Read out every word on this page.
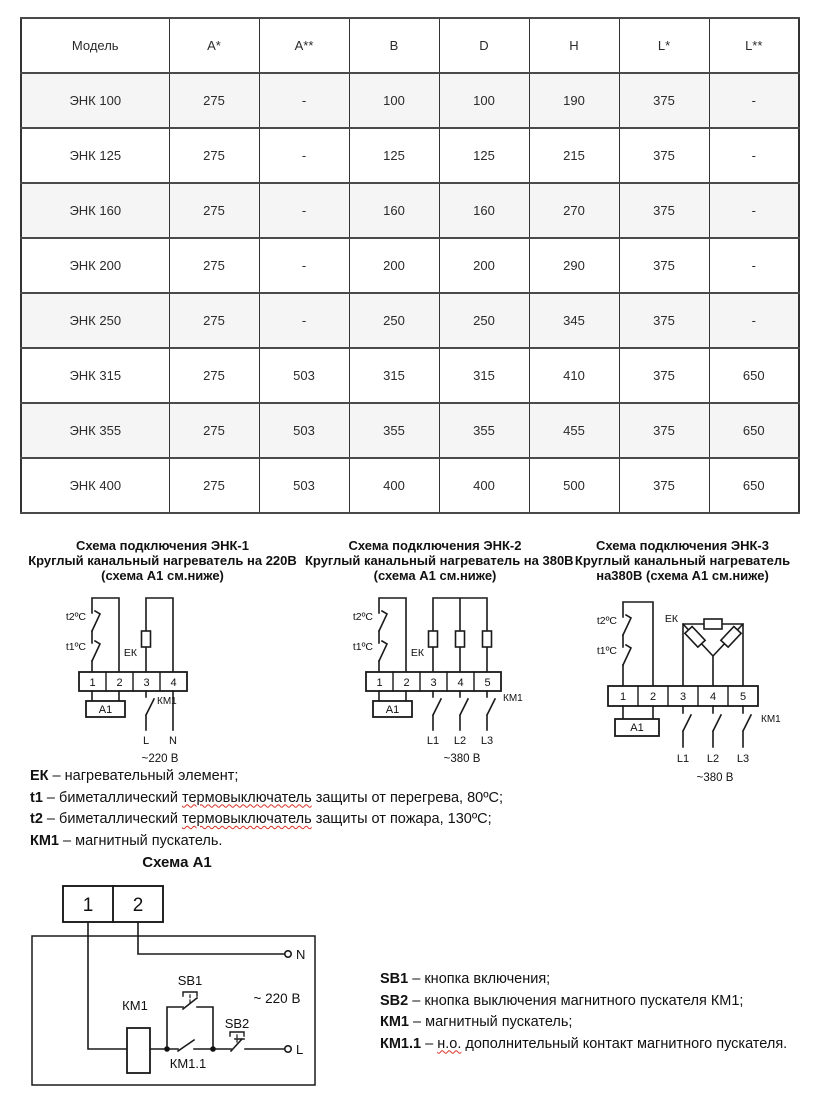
Модель	A*	A**	B	D	H	L*	L**
ЭНК 100	275	-	100	100	190	375	-
ЭНК 125	275	-	125	125	215	375	-
ЭНК 160	275	-	160	160	270	375	-
ЭНК 200	275	-	200	200	290	375	-
ЭНК 250	275	-	250	250	345	375	-
ЭНК 315	275	503	315	315	410	375	650
ЭНК 355	275	503	355	355	455	375	650
ЭНК 400	275	503	400	400	500	375	650
Схема подключения ЭНК-1
Круглый канальный нагреватель на 220В
(схема А1 см.ниже)
t2ºC
t1ºC	ЕК
1 2 3 4
А1
КМ1
L N
~220 В
Схема подключения ЭНК-2
Круглый канальный нагреватель на 380В
(схема А1 см.ниже)
t2ºC
t1ºC	ЕК
1 2 3 4 5
А1
КМ1
L1 L2 L3
~380 В
Схема подключения ЭНК-3
Круглый канальный нагреватель
на380В (схема А1 см.ниже)
t2ºC
t1ºC
ЕК
1 2 3 4 5
А1
КМ1
L1 L2 L3
~380 В
ЕК – нагревательный элемент;
t1 – биметаллический термовыключатель защиты от перегрева, 80ºС;
t2 – биметаллический термовыключатель защиты от пожара, 130ºС;
КМ1 – магнитный пускатель.
Схема А1
1 2
N
L
КМ1
SB1
SB2
КМ1.1
~ 220 В
SB1 – кнопка включения;
SB2 – кнопка выключения магнитного пускателя КМ1;
КМ1 – магнитный пускатель;
КМ1.1 – н.о. дополнительный контакт магнитного пускателя.
